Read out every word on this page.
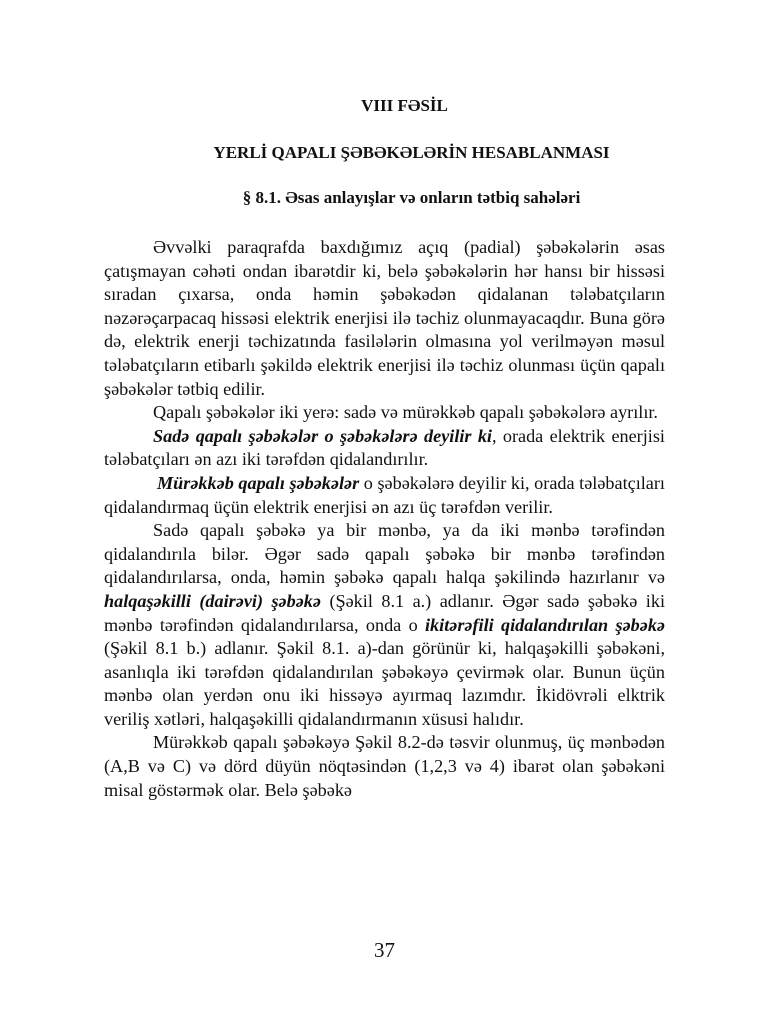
VIII FƏSİL
YERLİ QAPALI ŞƏBƏKƏLƏRİN HESABLANMASI
§ 8.1. Əsas anlayışlar və onların tətbiq sahələri

Əvvəlki paraqrafda baxdığımız açıq (padial) şəbəkələrin əsas çatışmayan cəhəti ondan ibarətdir ki, belə şəbəkələrin hər hansı bir hissəsi sıradan çıxarsa, onda həmin şəbəkədən qidalanan tələbatçıların nəzərəçarpacaq hissəsi elektrik enerjisi ilə təchiz olunmayacaqdır. Buna görə də, elektrik enerji təchizatında fasilələrin olmasına yol verilməyən məsul tələbatçıların etibarlı şəkildə elektrik enerjisi ilə təchiz olunması üçün qapalı şəbəkələr tətbiq edilir.

Qapalı şəbəkələr iki yerə: sadə və mürəkkəb qapalı şəbəkələrə ayrılır.

Sadə qapalı şəbəkələr o şəbəkələrə deyilir ki, orada elektrik enerjisi tələbatçıları ən azı iki tərəfdən qidalandırılır.

Mürəkkəb qapalı şəbəkələr o şəbəkələrə deyilir ki, orada tələbatçıları qidalandırmaq üçün elektrik enerjisi ən azı üç tərəfdən verilir.

Sadə qapalı şəbəkə ya bir mənbə, ya da iki mənbə tərəfindən qidalandırıla bilər. Əgər sadə qapalı şəbəkə bir mənbə tərəfindən qidalandırılarsa, onda, həmin şəbəkə qapalı halqa şəkilində hazırlanır və halqaşəkilli (dairəvi) şəbəkə (Şəkil 8.1 a.) adlanır. Əgər sadə şəbəkə iki mənbə tərəfindən qidalandırılarsa, onda o ikitərəfili qidalandırılan şəbəkə (Şəkil 8.1 b.) adlanır. Şəkil 8.1. a)-dan görünür ki, halqaşəkilli şəbəkəni, asanlıqla iki tərəfdən qidalandırılan şəbəkəyə çevirmək olar. Bunun üçün mənbə olan yerdən onu iki hissəyə ayırmaq lazımdır. İkidövrəli elktrik veriliş xətləri, halqaşəkilli qidalandırmanın xüsusi halıdır.

Mürəkkəb qapalı şəbəkəyə Şəkil 8.2-də təsvir olunmuş, üç mənbədən (A,B və C) və dörd düyün nöqtəsindən (1,2,3 və 4) ibarət olan şəbəkəni misal göstərmək olar. Belə şəbəkə

37
